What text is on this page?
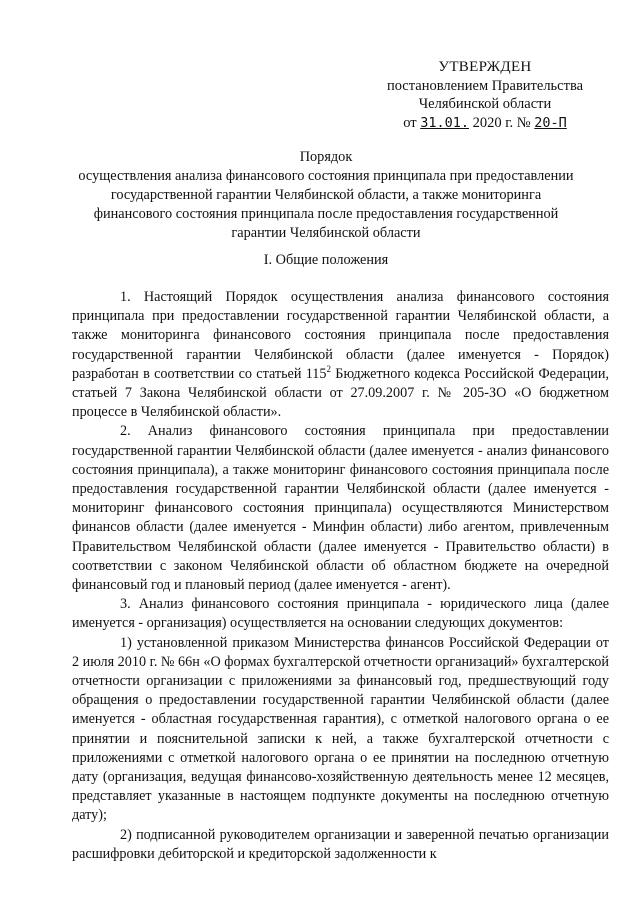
УТВЕРЖДЕН
постановлением Правительства
Челябинской области
от 31.01. 2020 г. № 20-П
Порядок
осуществления анализа финансового состояния принципала при предоставлении государственной гарантии Челябинской области, а также мониторинга финансового состояния принципала после предоставления государственной гарантии Челябинской области
I. Общие положения

1. Настоящий Порядок осуществления анализа финансового состояния принципала при предоставлении государственной гарантии Челябинской области, а также мониторинга финансового состояния принципала после предоставления государственной гарантии Челябинской области (далее именуется - Порядок) разработан в соответствии со статьей $115^2$ Бюджетного кодекса Российской Федерации, статьей 7 Закона Челябинской области от 27.09.2007 г. № 205-ЗО «О бюджетном процессе в Челябинской области».

2. Анализ финансового состояния принципала при предоставлении государственной гарантии Челябинской области (далее именуется - анализ финансового состояния принципала), а также мониторинг финансового состояния принципала после предоставления государственной гарантии Челябинской области (далее именуется - мониторинг финансового состояния принципала) осуществляются Министерством финансов области (далее именуется - Минфин области) либо агентом, привлеченным Правительством Челябинской области (далее именуется - Правительство области) в соответствии с законом Челябинской области об областном бюджете на очередной финансовый год и плановый период (далее именуется - агент).

3. Анализ финансового состояния принципала - юридического лица (далее именуется - организация) осуществляется на основании следующих документов:

1) установленной приказом Министерства финансов Российской Федерации от 2 июля 2010 г. № 66н «О формах бухгалтерской отчетности организаций» бухгалтерской отчетности организации с приложениями за финансовый год, предшествующий году обращения о предоставлении государственной гарантии Челябинской области (далее именуется - областная государственная гарантия), с отметкой налогового органа о ее принятии и пояснительной записки к ней, а также бухгалтерской отчетности с приложениями с отметкой налогового органа о ее принятии на последнюю отчетную дату (организация, ведущая финансово-хозяйственную деятельность менее 12 месяцев, представляет указанные в настоящем подпункте документы на последнюю отчетную дату);

2) подписанной руководителем организации и заверенной печатью организации расшифровки дебиторской и кредиторской задолженности к
